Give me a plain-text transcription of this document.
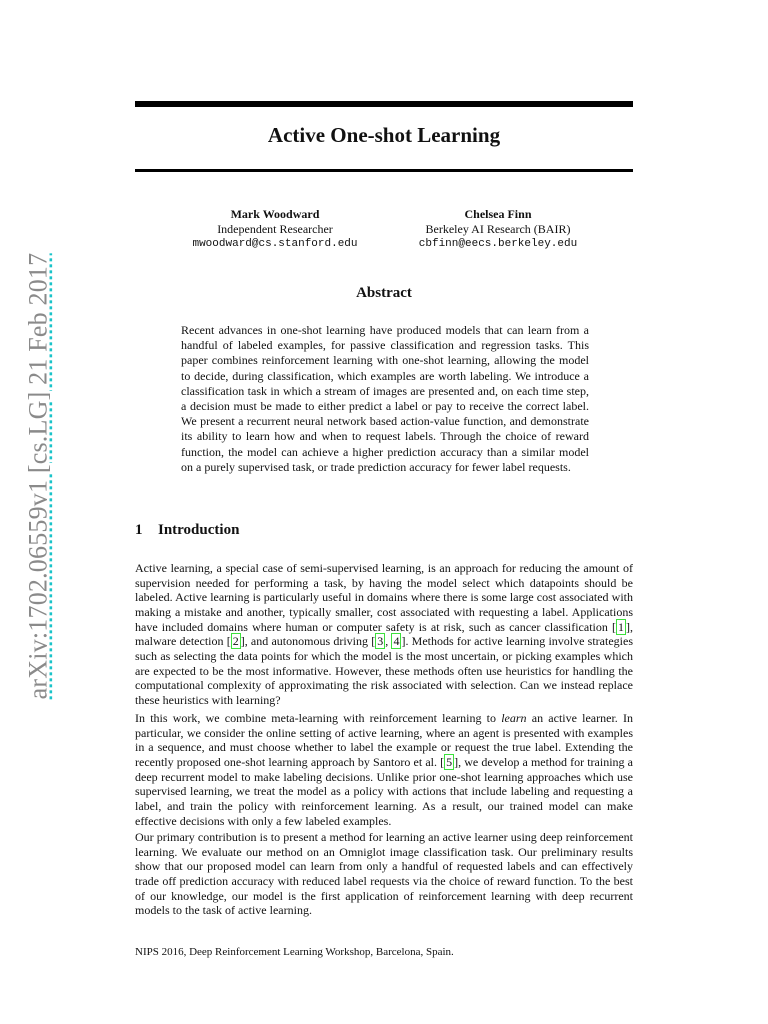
arXiv:1702.06559v1 [cs.LG] 21 Feb 2017
Active One-shot Learning
Mark Woodward
Independent Researcher
mwoodward@cs.stanford.edu
Chelsea Finn
Berkeley AI Research (BAIR)
cbfinn@eecs.berkeley.edu
Abstract

Recent advances in one-shot learning have produced models that can learn from a handful of labeled examples, for passive classification and regression tasks. This paper combines reinforcement learning with one-shot learning, allowing the model to decide, during classification, which examples are worth labeling. We introduce a classification task in which a stream of images are presented and, on each time step, a decision must be made to either predict a label or pay to receive the correct label. We present a recurrent neural network based action-value function, and demonstrate its ability to learn how and when to request labels. Through the choice of reward function, the model can achieve a higher prediction accuracy than a similar model on a purely supervised task, or trade prediction accuracy for fewer label requests.

1 Introduction

Active learning, a special case of semi-supervised learning, is an approach for reducing the amount of supervision needed for performing a task, by having the model select which datapoints should be labeled. Active learning is particularly useful in domains where there is some large cost associated with making a mistake and another, typically smaller, cost associated with requesting a label. Applications have included domains where human or computer safety is at risk, such as cancer classification [ 1 ], malware detection [ 2 ], and autonomous driving [ 3 , 4 ]. Methods for active learning involve strategies such as selecting the data points for which the model is the most uncertain, or picking examples which are expected to be the most informative. However, these methods often use heuristics for handling the computational complexity of approximating the risk associated with selection. Can we instead replace these heuristics with learning?

In this work, we combine meta-learning with reinforcement learning to learn an active learner. In particular, we consider the online setting of active learning, where an agent is presented with examples in a sequence, and must choose whether to label the example or request the true label. Extending the recently proposed one-shot learning approach by Santoro et al. [ 5 ], we develop a method for training a deep recurrent model to make labeling decisions. Unlike prior one-shot learning approaches which use supervised learning, we treat the model as a policy with actions that include labeling and requesting a label, and train the policy with reinforcement learning. As a result, our trained model can make effective decisions with only a few labeled examples.

Our primary contribution is to present a method for learning an active learner using deep reinforcement learning. We evaluate our method on an Omniglot image classification task. Our preliminary results show that our proposed model can learn from only a handful of requested labels and can effectively trade off prediction accuracy with reduced label requests via the choice of reward function. To the best of our knowledge, our model is the first application of reinforcement learning with deep recurrent models to the task of active learning.

NIPS 2016, Deep Reinforcement Learning Workshop, Barcelona, Spain.
